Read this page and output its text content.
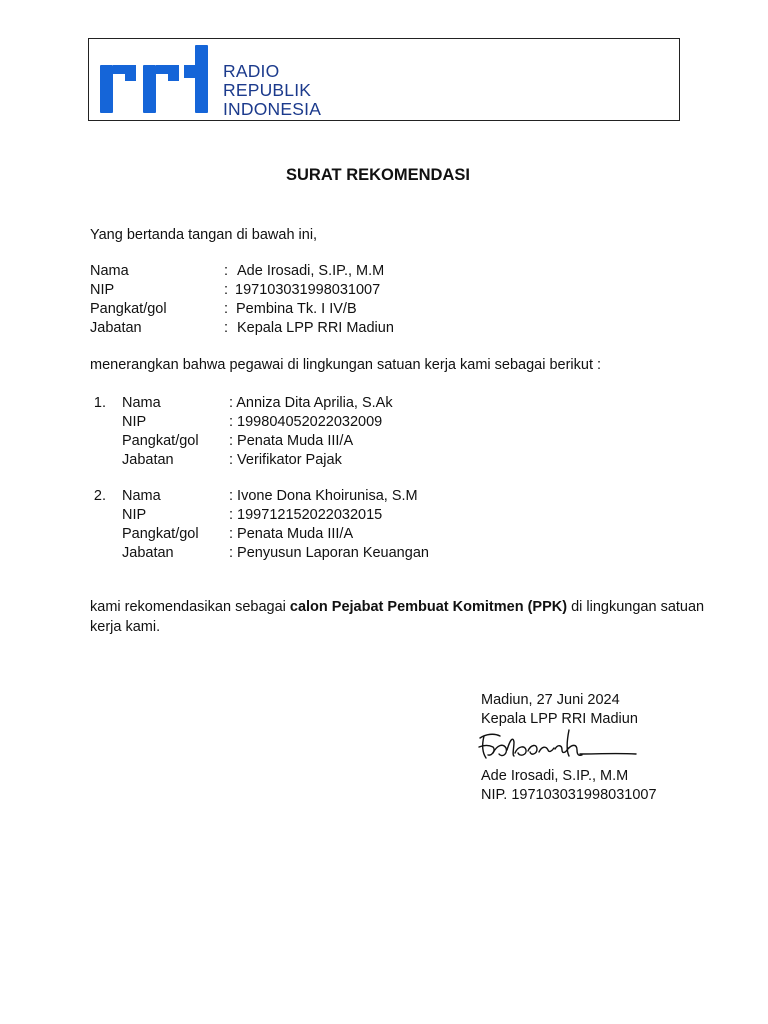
RADIO
REPUBLIK
INDONESIA
SURAT REKOMENDASI
Yang bertanda tangan di bawah ini,
Nama	: Ade Irosadi, S.IP., M.M
NIP	: 197103031998031007
Pangkat/gol	: Pembina Tk. I IV/B
Jabatan	: Kepala LPP RRI Madiun
menerangkan bahwa pegawai di lingkungan satuan kerja kami sebagai berikut :
1. Nama	: Anniza Dita Aprilia, S.Ak
NIP	: 199804052022032009
Pangkat/gol : Penata Muda III/A
Jabatan	: Verifikator Pajak
2. Nama	: Ivone Dona Khoirunisa, S.M
NIP	: 199712152022032015
Pangkat/gol : Penata Muda III/A
Jabatan	: Penyusun Laporan Keuangan
kami rekomendasikan sebagai calon Pejabat Pembuat Komitmen (PPK) di lingkungan satuan
kerja kami.
Madiun, 27 Juni 2024
Kepala LPP RRI Madiun
Ade Irosadi, S.IP., M.M
NIP. 197103031998031007
